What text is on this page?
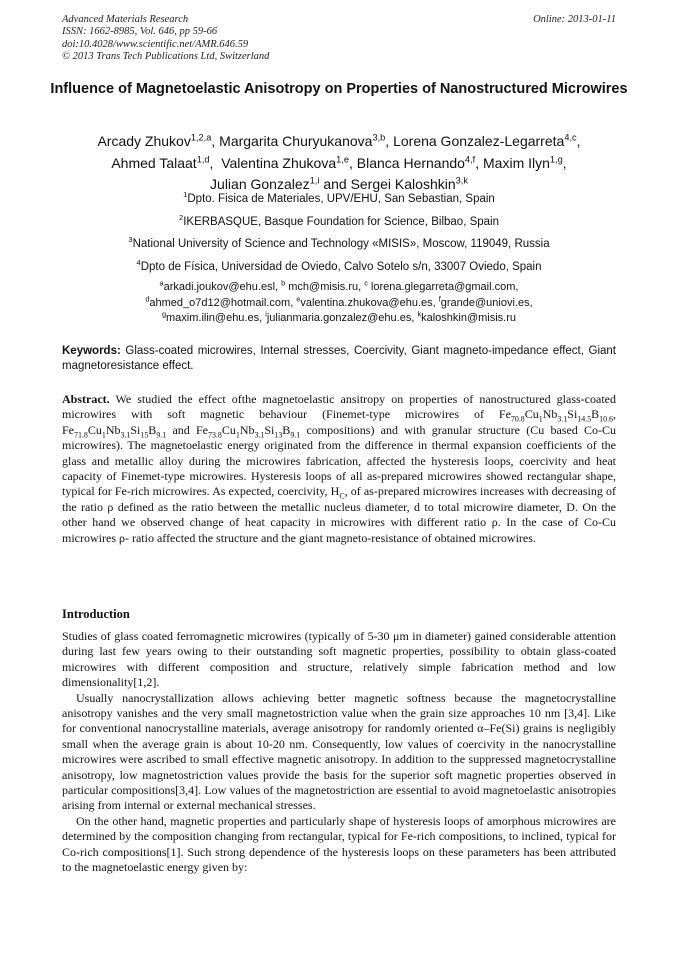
Advanced Materials Research
ISSN: 1662-8985, Vol. 646, pp 59-66
doi:10.4028/www.scientific.net/AMR.646.59
© 2013 Trans Tech Publications Ltd, Switzerland
Online: 2013-01-11
Influence of Magnetoelastic Anisotropy on Properties of Nanostructured Microwires
Arcady Zhukov$^{1,2,a}$, Margarita Churyukanova$^{3,b}$, Lorena Gonzalez-Legarreta$^{4,c}$,
Ahmed Talaat$^{1,d}$,  Valentina Zhukova$^{1,e}$, Blanca Hernando$^{4,f}$, Maxim Ilyn$^{1,g}$,
Julian Gonzalez$^{1,i}$ and Sergei Kaloshkin$^{3,k}$
$^1$Dpto. Fisica de Materiales, UPV/EHU, San Sebastian, Spain
$^2$IKERBASQUE, Basque Foundation for Science, Bilbao, Spain
$^3$National University of Science and Technology «MISIS», Moscow, 119049, Russia
$^4$Dpto de Física, Universidad de Oviedo, Calvo Sotelo s/n, 33007 Oviedo, Spain
$^a$arkadi.joukov@ehu.esl, $^b$ mch@misis.ru, $^c$ lorena.glegarreta@gmail.com,
$^d$ahmed_o7d12@hotmail.com, $^e$valentina.zhukova@ehu.es, $^f$grande@uniovi.es,
$^g$maxim.ilin@ehu.es, $^i$julianmaria.gonzalez@ehu.es, $^k$kaloshkin@misis.ru
Keywords: Glass-coated microwires, Internal stresses, Coercivity, Giant magneto-impedance effect, Giant magnetoresistance effect.
Abstract. We studied the effect ofthe magnetoelastic ansitropy on properties of nanostructured glass-coated microwires with soft magnetic behaviour (Finemet-type microwires of $Fe_{70.8}Cu_1Nb_{3.1}Si_{14.5}B_{10.6}$, $Fe_{71.8}Cu_1Nb_{3.1}Si_{15}B_{9.1}$ and $Fe_{73.8}Cu_1Nb_{3.1}Si_{13}B_{9.1}$ compositions) and with granular structure (Cu based Co-Cu microwires). The magnetoelastic energy originated from the difference in thermal expansion coefficients of the glass and metallic alloy during the microwires fabrication, affected the hysteresis loops, coercivity and heat capacity of Finemet-type microwires. Hysteresis loops of all as-prepared microwires showed rectangular shape, typical for Fe-rich microwires. As expected, coercivity, $H_C$, of as-prepared microwires increases with decreasing of the ratio ρ defined as the ratio between the metallic nucleus diameter, d to total microwire diameter, D. On the other hand we observed change of heat capacity in microwires with different ratio ρ. In the case of Co-Cu microwires ρ- ratio affected the structure and the giant magneto-resistance of obtained microwires.
Introduction

Studies of glass coated ferromagnetic microwires (typically of 5-30 μm in diameter) gained considerable attention during last few years owing to their outstanding soft magnetic properties, possibility to obtain glass-coated microwires with different composition and structure, relatively simple fabrication method and low dimensionality[1,2].

Usually nanocrystallization allows achieving better magnetic softness because the magnetocrystalline anisotropy vanishes and the very small magnetostriction value when the grain size approaches 10 nm [3,4]. Like for conventional nanocrystalline materials, average anisotropy for randomly oriented α–Fe(Si) grains is negligibly small when the average grain is about 10-20 nm. Consequently, low values of coercivity in the nanocrystalline microwires were ascribed to small effective magnetic anisotropy. In addition to the suppressed magnetocrystalline anisotropy, low magnetostriction values provide the basis for the superior soft magnetic properties observed in particular compositions[3,4]. Low values of the magnetostriction are essential to avoid magnetoelastic anisotropies arising from internal or external mechanical stresses.

On the other hand, magnetic properties and particularly shape of hysteresis loops of amorphous microwires are determined by the composition changing from rectangular, typical for Fe-rich compositions, to inclined, typical for Co-rich compositions[1]. Such strong dependence of the hysteresis loops on these parameters has been attributed to the magnetoelastic energy given by:
